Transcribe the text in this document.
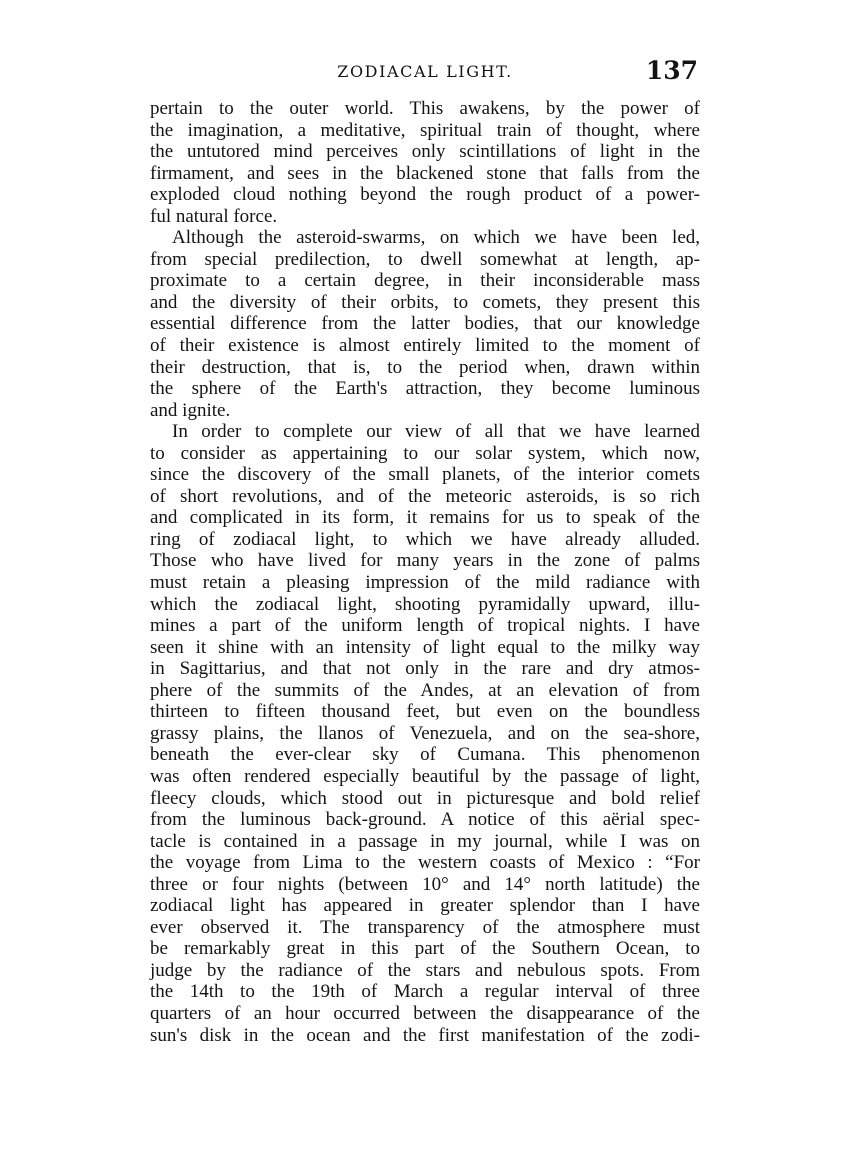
ZODIACAL LIGHT.	137
pertain to the outer world. This awakens, by the power of
the imagination, a meditative, spiritual train of thought, where
the untutored mind perceives only scintillations of light in the
firmament, and sees in the blackened stone that falls from the
exploded cloud nothing beyond the rough product of a power-
ful natural force.
Although the asteroid-swarms, on which we have been led,
from special predilection, to dwell somewhat at length, ap-
proximate to a certain degree, in their inconsiderable mass
and the diversity of their orbits, to comets, they present this
essential difference from the latter bodies, that our knowledge
of their existence is almost entirely limited to the moment of
their destruction, that is, to the period when, drawn within
the sphere of the Earth's attraction, they become luminous
and ignite.
In order to complete our view of all that we have learned
to consider as appertaining to our solar system, which now,
since the discovery of the small planets, of the interior comets
of short revolutions, and of the meteoric asteroids, is so rich
and complicated in its form, it remains for us to speak of the
ring of zodiacal light, to which we have already alluded.
Those who have lived for many years in the zone of palms
must retain a pleasing impression of the mild radiance with
which the zodiacal light, shooting pyramidally upward, illu-
mines a part of the uniform length of tropical nights. I have
seen it shine with an intensity of light equal to the milky way
in Sagittarius, and that not only in the rare and dry atmos-
phere of the summits of the Andes, at an elevation of from
thirteen to fifteen thousand feet, but even on the boundless
grassy plains, the llanos of Venezuela, and on the sea-shore,
beneath the ever-clear sky of Cumana. This phenomenon
was often rendered especially beautiful by the passage of light,
fleecy clouds, which stood out in picturesque and bold relief
from the luminous back-ground. A notice of this aërial spec-
tacle is contained in a passage in my journal, while I was on
the voyage from Lima to the western coasts of Mexico : “For
three or four nights (between 10° and 14° north latitude) the
zodiacal light has appeared in greater splendor than I have
ever observed it. The transparency of the atmosphere must
be remarkably great in this part of the Southern Ocean, to
judge by the radiance of the stars and nebulous spots. From
the 14th to the 19th of March a regular interval of three
quarters of an hour occurred between the disappearance of the
sun's disk in the ocean and the first manifestation of the zodi-
